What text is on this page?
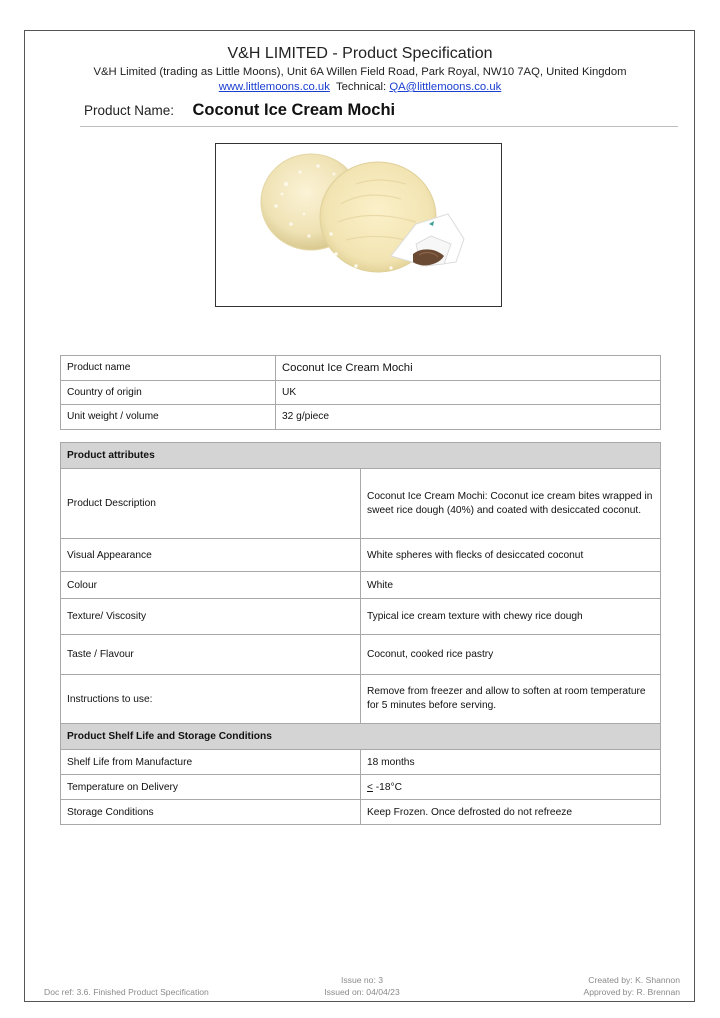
V&H LIMITED - Product Specification
V&H Limited (trading as Little Moons), Unit 6A Willen Field Road, Park Royal, NW10 7AQ, United Kingdom
www.littlemoons.co.uk Technical: QA@littlemoons.co.uk
Product Name: Coconut Ice Cream Mochi
Product name	Coconut Ice Cream Mochi
Country of origin	UK
Unit weight / volume	32 g/piece
Product attributes	
Product Description	Coconut Ice Cream Mochi: Coconut ice cream bites wrapped in sweet rice dough (40%) and coated with desiccated coconut.
Visual Appearance	White spheres with flecks of desiccated coconut
Colour	White
Texture/ Viscosity	Typical ice cream texture with chewy rice dough
Taste / Flavour	Coconut, cooked rice pastry
Instructions to use:	Remove from freezer and allow to soften at room temperature for 5 minutes before serving.
Product Shelf Life and Storage Conditions	
Shelf Life from Manufacture	18 months
Temperature on Delivery	≤ -18°C
Storage Conditions	Keep Frozen. Once defrosted do not refreeze
Doc ref: 3.6. Finished Product Specification
Issue no: 3
Issued on: 04/04/23
Created by: K. Shannon
Approved by: R. Brennan
